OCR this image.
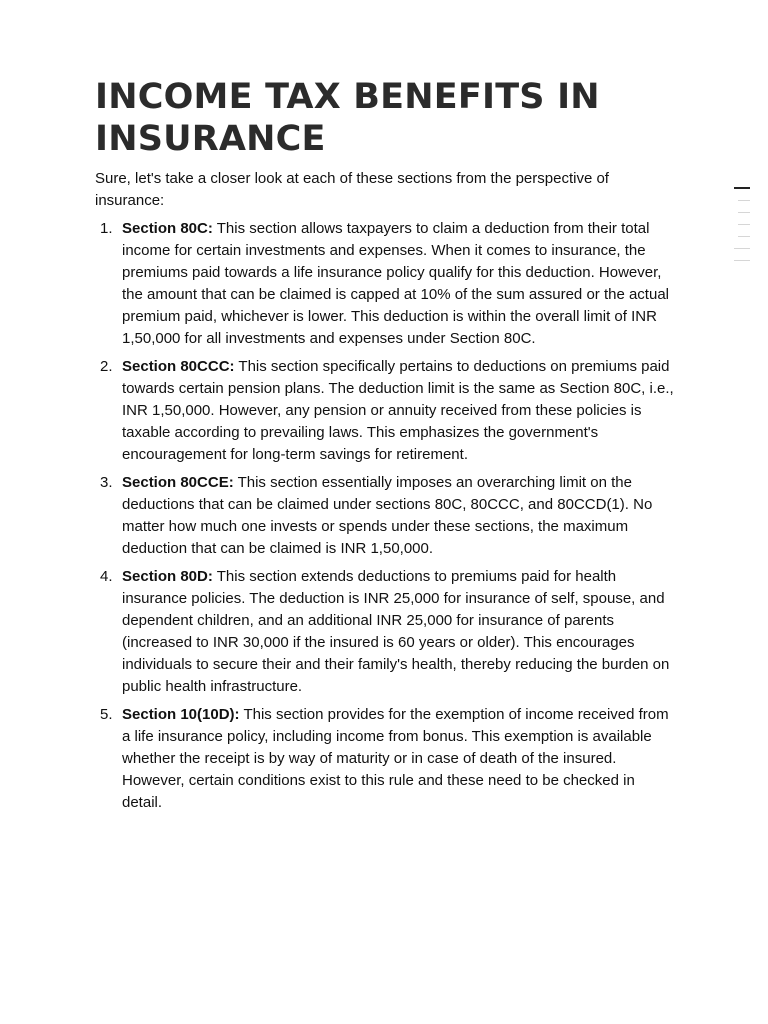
INCOME TAX BENEFITS IN INSURANCE

Sure, let's take a closer look at each of these sections from the perspective of insurance:

1. Section 80C: This section allows taxpayers to claim a deduction from their total income for certain investments and expenses. When it comes to insurance, the premiums paid towards a life insurance policy qualify for this deduction. However, the amount that can be claimed is capped at 10% of the sum assured or the actual premium paid, whichever is lower. This deduction is within the overall limit of INR 1,50,000 for all investments and expenses under Section 80C.
2. Section 80CCC: This section specifically pertains to deductions on premiums paid towards certain pension plans. The deduction limit is the same as Section 80C, i.e., INR 1,50,000. However, any pension or annuity received from these policies is taxable according to prevailing laws. This emphasizes the government's encouragement for long-term savings for retirement.
3. Section 80CCE: This section essentially imposes an overarching limit on the deductions that can be claimed under sections 80C, 80CCC, and 80CCD(1). No matter how much one invests or spends under these sections, the maximum deduction that can be claimed is INR 1,50,000.
4. Section 80D: This section extends deductions to premiums paid for health insurance policies. The deduction is INR 25,000 for insurance of self, spouse, and dependent children, and an additional INR 25,000 for insurance of parents (increased to INR 30,000 if the insured is 60 years or older). This encourages individuals to secure their and their family's health, thereby reducing the burden on public health infrastructure.
5. Section 10(10D): This section provides for the exemption of income received from a life insurance policy, including income from bonus. This exemption is available whether the receipt is by way of maturity or in case of death of the insured. However, certain conditions exist to this rule and these need to be checked in detail.
